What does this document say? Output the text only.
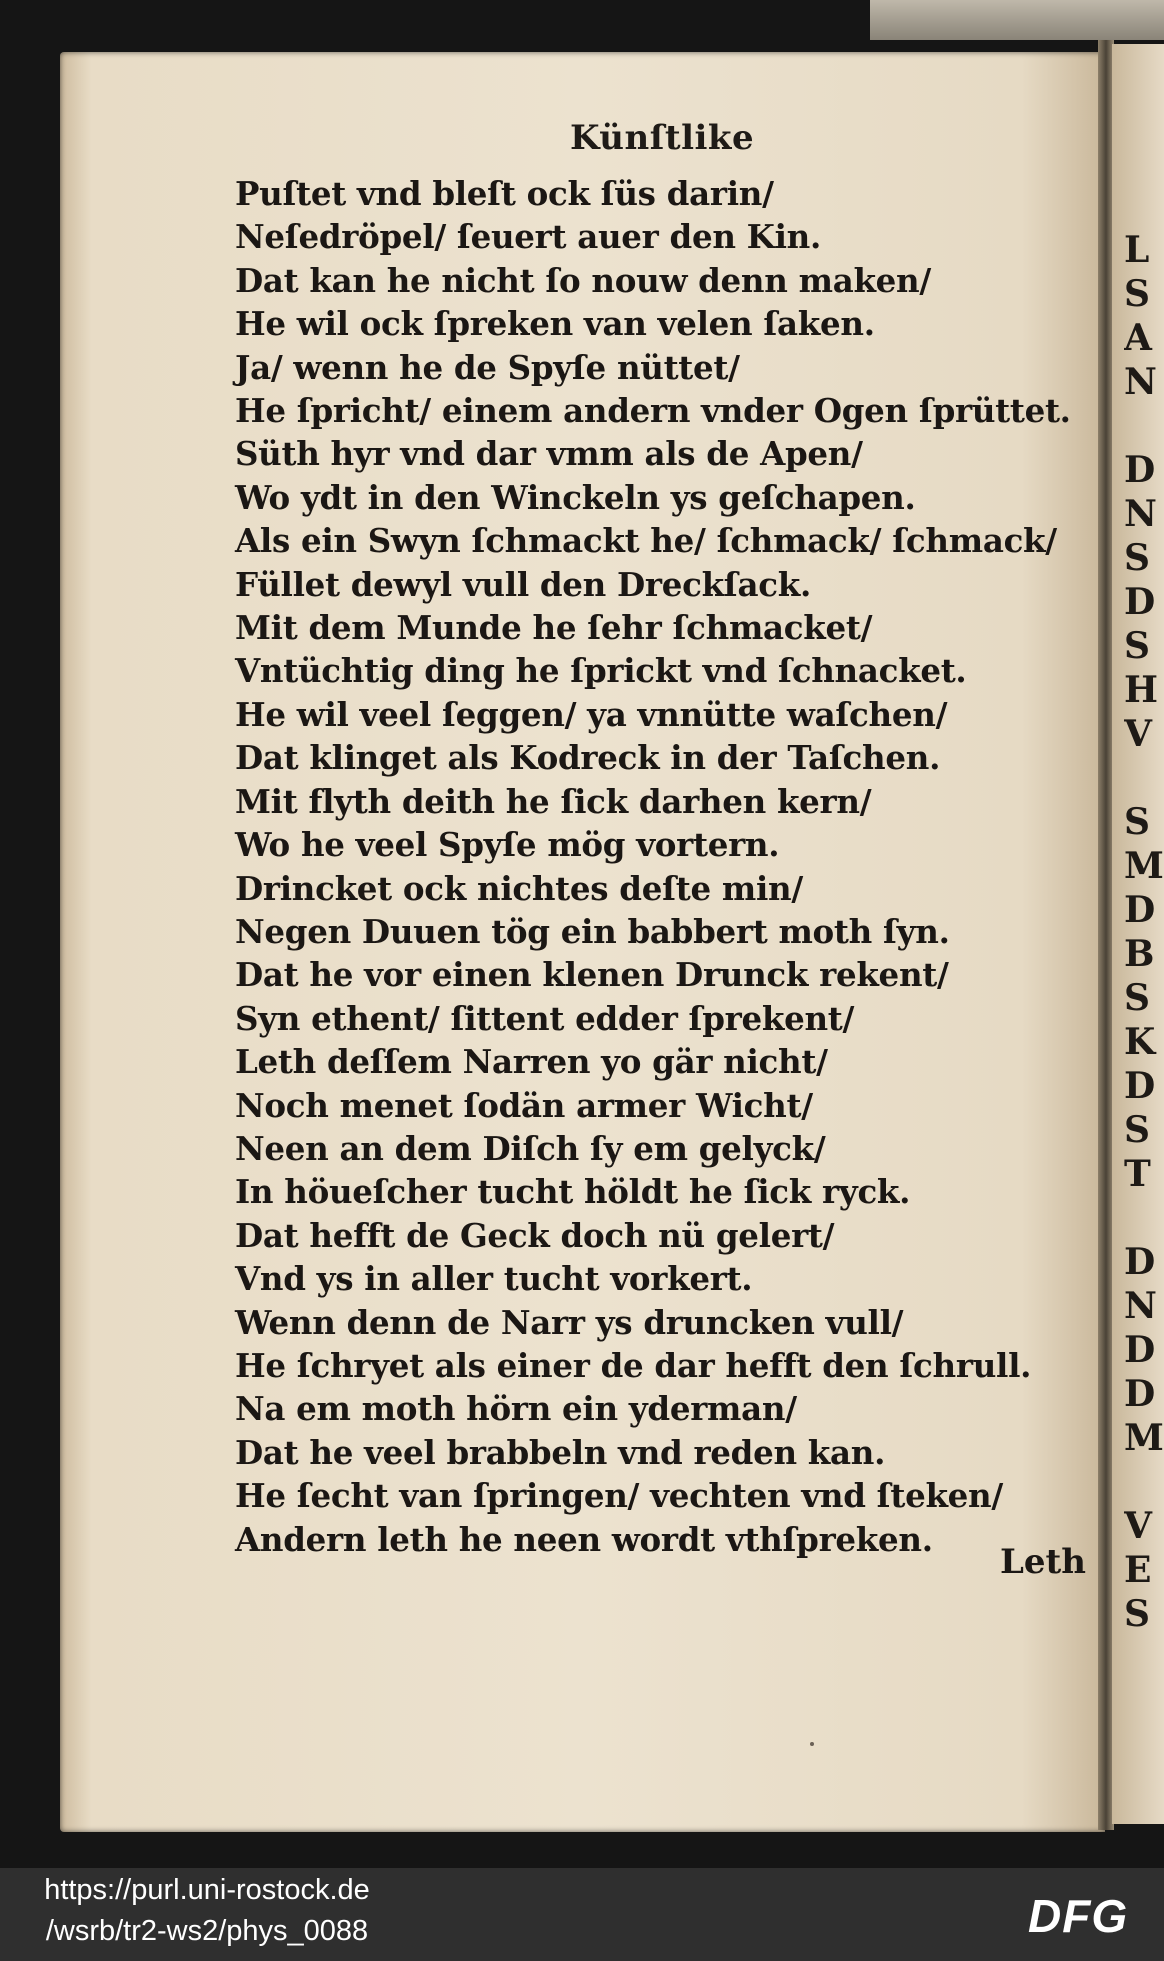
L
S
A
N
D
N
S
D
S
H
V
S
M
D
B
S
K
D
S
T
D
N
D
D
M
V
E
S

Künſtlike

Puſtet vnd bleſt ock ſüs darin/
Neſedröpel/ ſeuert auer den Kin.
Dat kan he nicht ſo nouw denn maken/
He wil ock ſpreken van velen ſaken.
Ja/ wenn he de Spyſe nüttet/
He ſpricht/ einem andern vnder Ogen ſprüttet.
Süth hyr vnd dar vmm als de Apen/
Wo ydt in den Winckeln ys geſchapen.
Als ein Swyn ſchmackt he/ ſchmack/ ſchmack/
Füllet dewyl vull den Dreckſack.
Mit dem Munde he ſehr ſchmacket/
Vntüchtig ding he ſprickt vnd ſchnacket.
He wil veel ſeggen/ ya vnnütte waſchen/
Dat klinget als Kodreck in der Taſchen.
Mit flyth deith he ſick darhen kern/
Wo he veel Spyſe mög vortern.
Drincket ock nichtes deſte min/
Negen Duuen tög ein babbert moth ſyn.
Dat he vor einen klenen Drunck rekent/
Syn ethent/ ſittent edder ſprekent/
Leth deſſem Narren yo gär nicht/
Noch menet ſodän armer Wicht/
Neen an dem Diſch ſy em gelyck/
In höueſcher tucht höldt he ſick ryck.
Dat hefft de Geck doch nü gelert/
Vnd ys in aller tucht vorkert.
Wenn denn de Narr ys druncken vull/
He ſchryet als einer de dar hefft den ſchrull.
Na em moth hörn ein yderman/
Dat he veel brabbeln vnd reden kan.
He ſecht van ſpringen/ vechten vnd ſteken/
Andern leth he neen wordt vthſpreken.

Leth

https://purl.uni-rostock.de

/wsrb/tr2-ws2/phys_0088	DFG
